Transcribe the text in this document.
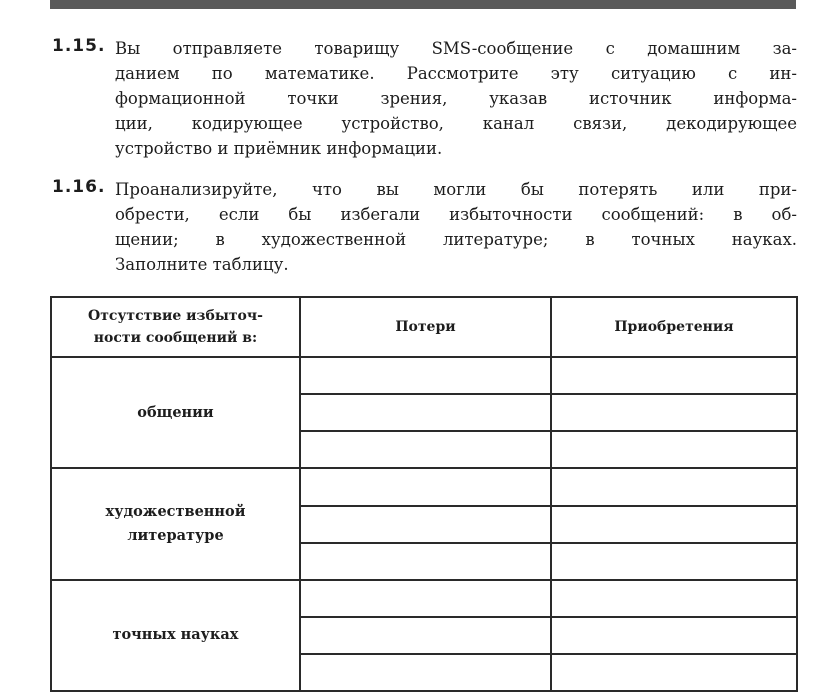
1.15. Вы отправляете товарищу SMS-сообщение с домашним за-
данием по математике. Рассмотрите эту ситуацию с ин-
формационной точки зрения, указав источник информа-
ции, кодирующее устройство, канал связи, декодирующее
устройство и приёмник информации.
1.16. Проанализируйте, что вы могли бы потерять или при-
обрести, если бы избегали избыточности сообщений: в об-
щении; в художественной литературе; в точных науках.
Заполните таблицу.
Отсутствие избыточ-
ности сообщений в:	Потери	Приобретения
общении		

художественной
литературе		

точных науках		
